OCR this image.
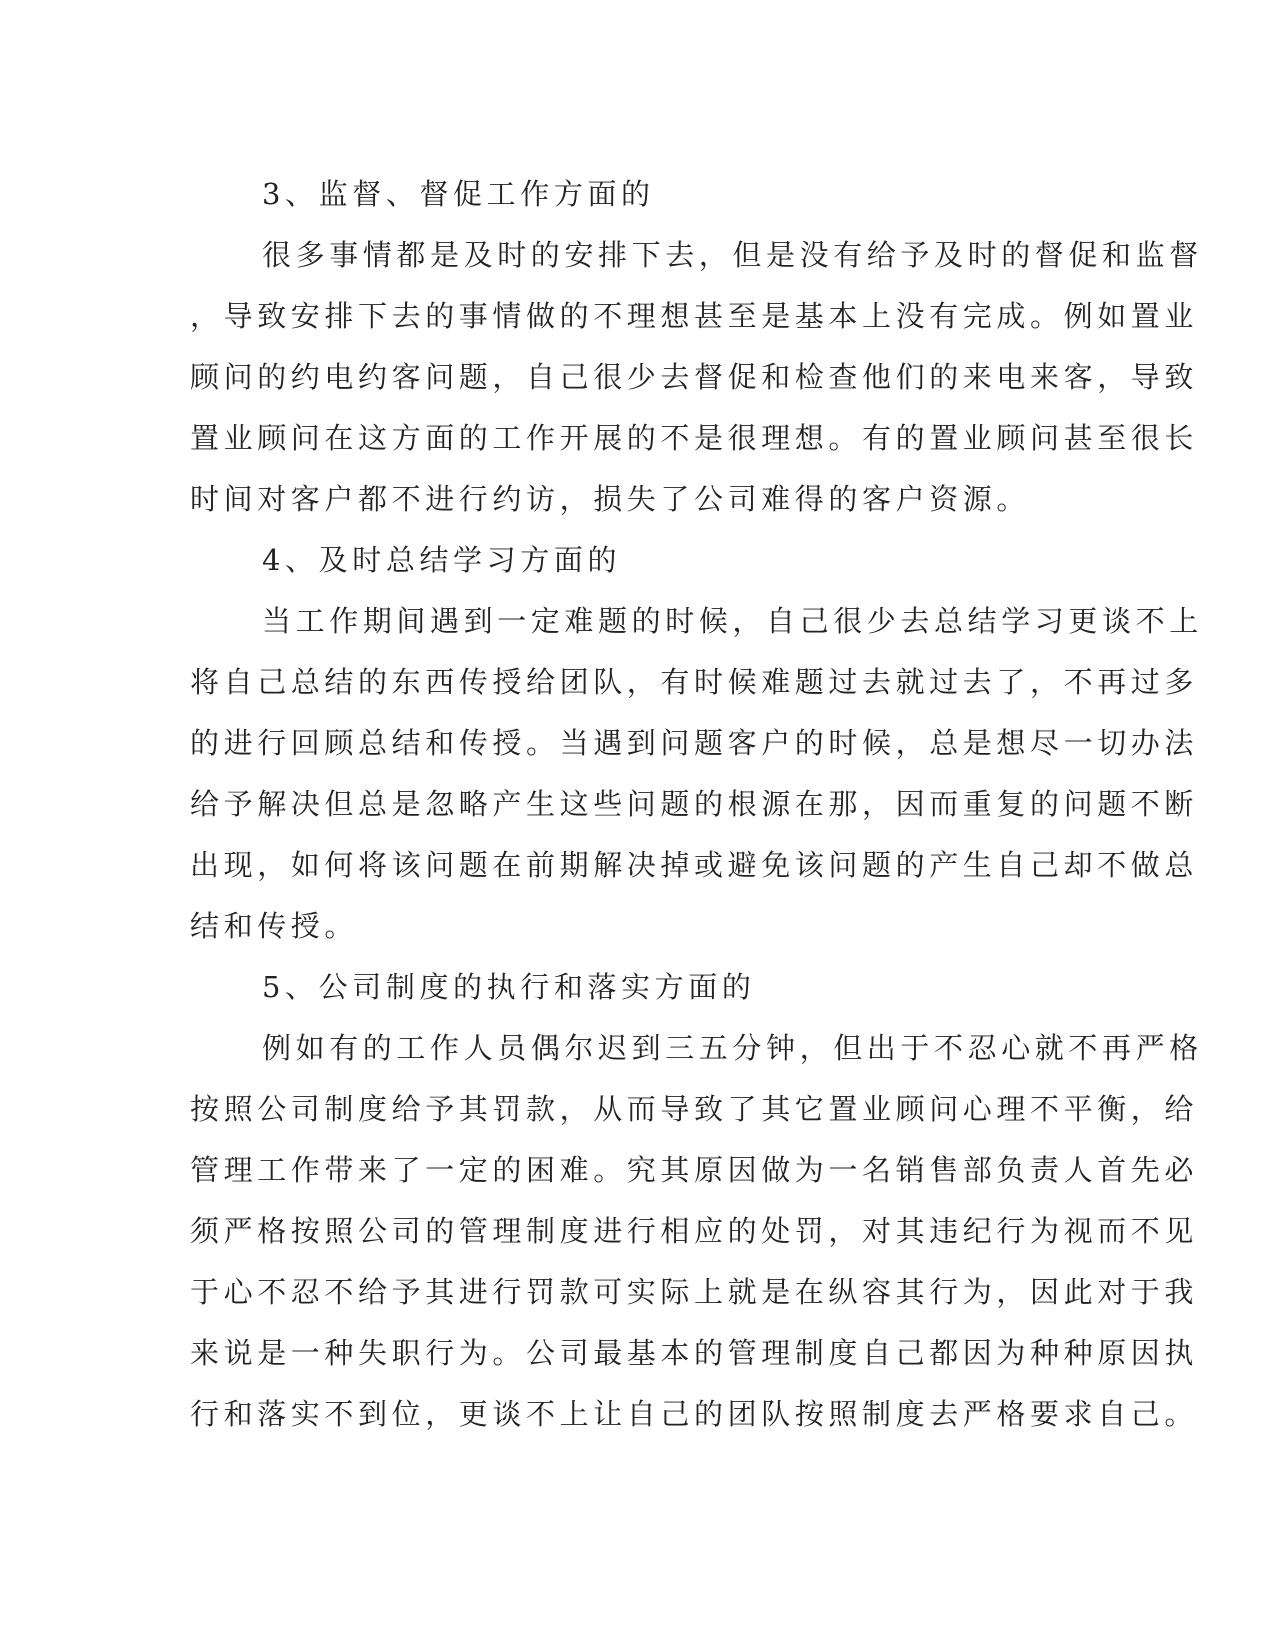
3、监督、督促工作方面的
很多事情都是及时的安排下去，但是没有给予及时的督促和监督
，导致安排下去的事情做的不理想甚至是基本上没有完成。例如置业
顾问的约电约客问题，自己很少去督促和检查他们的来电来客，导致
置业顾问在这方面的工作开展的不是很理想。有的置业顾问甚至很长
时间对客户都不进行约访，损失了公司难得的客户资源。
4、及时总结学习方面的
当工作期间遇到一定难题的时候，自己很少去总结学习更谈不上
将自己总结的东西传授给团队，有时候难题过去就过去了，不再过多
的进行回顾总结和传授。当遇到问题客户的时候，总是想尽一切办法
给予解决但总是忽略产生这些问题的根源在那，因而重复的问题不断
出现，如何将该问题在前期解决掉或避免该问题的产生自己却不做总
结和传授。
5、公司制度的执行和落实方面的
例如有的工作人员偶尔迟到三五分钟，但出于不忍心就不再严格
按照公司制度给予其罚款，从而导致了其它置业顾问心理不平衡，给
管理工作带来了一定的困难。究其原因做为一名销售部负责人首先必
须严格按照公司的管理制度进行相应的处罚，对其违纪行为视而不见
于心不忍不给予其进行罚款可实际上就是在纵容其行为，因此对于我
来说是一种失职行为。公司最基本的管理制度自己都因为种种原因执
行和落实不到位，更谈不上让自己的团队按照制度去严格要求自己。
